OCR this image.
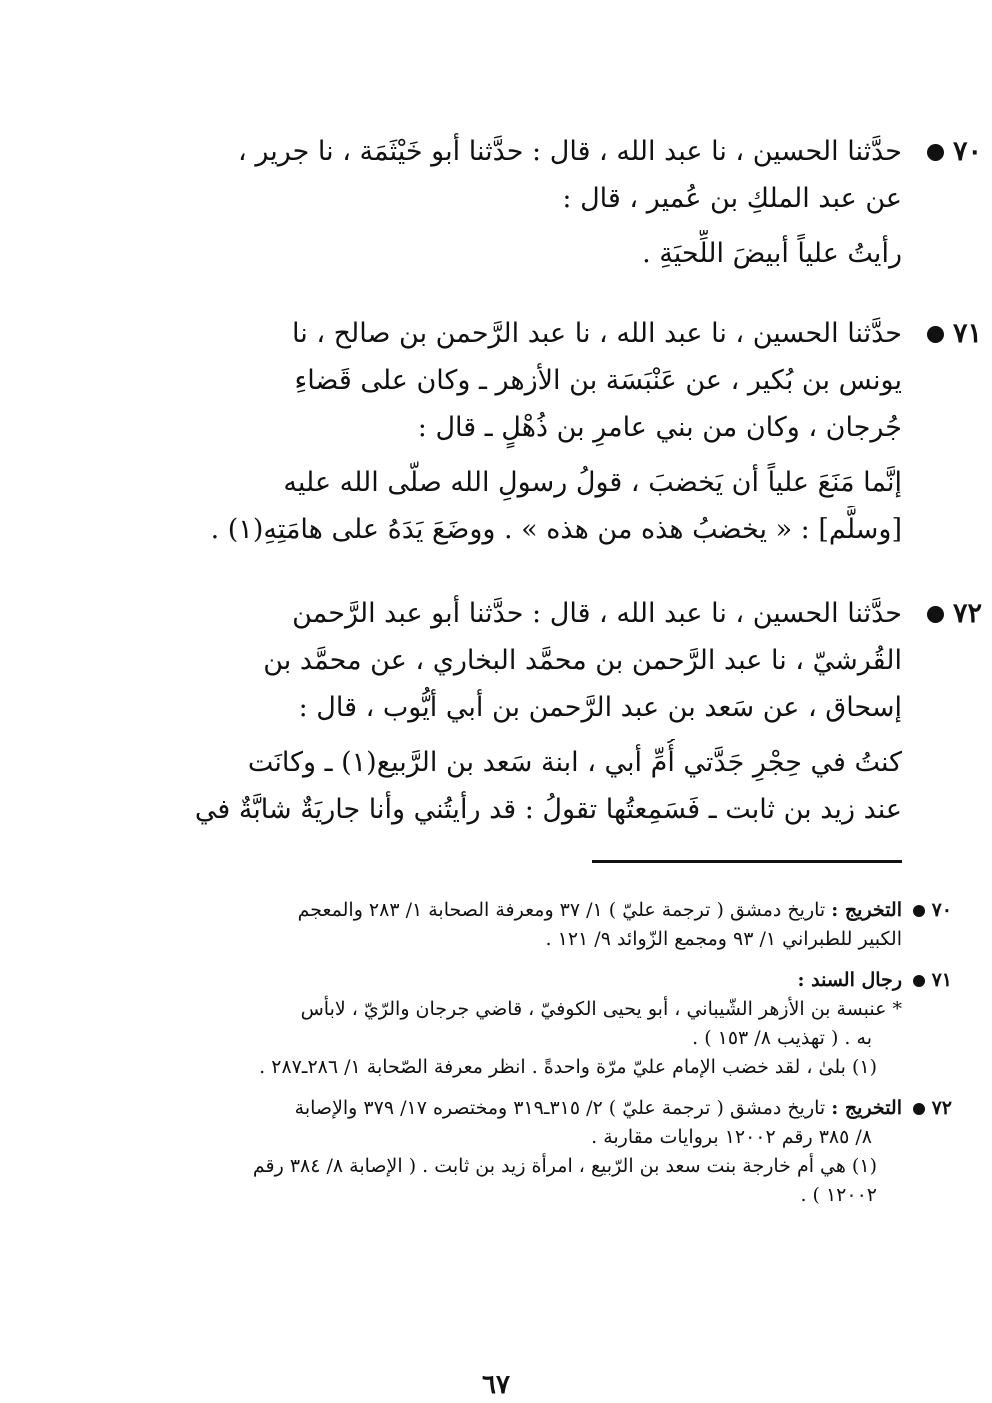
٧٠
حدَّثنا الحسين ، نا عبد الله ، قال : حدَّثنا أبو خَيْثَمَة ، نا جرير ،
عن عبد الملكِ بن عُمير ، قال :
رأيتُ علياً أبيضَ اللِّحيَةِ .
٧١
حدَّثنا الحسين ، نا عبد الله ، نا عبد الرَّحمن بن صالح ، نا
يونس بن بُكير ، عن عَنْبَسَة بن الأزهر ـ وكان على قَضاءِ
جُرجان ، وكان من بني عامرِ بن ذُهْلٍ ـ قال :
إنَّما مَنَعَ علياً أن يَخضبَ ، قولُ رسولِ الله صلّى الله عليه
[وسلَّم] : « يخضبُ هذه من هذه » . ووضَعَ يَدَهُ على هامَتِهِ(١) .
٧٢
حدَّثنا الحسين ، نا عبد الله ، قال : حدَّثنا أبو عبد الرَّحمن
القُرشيّ ، نا عبد الرَّحمن بن محمَّد البخاري ، عن محمَّد بن
إسحاق ، عن سَعد بن عبد الرَّحمن بن أبي أيُّوب ، قال :
كنتُ في حِجْرِ جَدَّتي أُمِّ أبي ، ابنة سَعد بن الرَّبيع(١) ـ وكانَت
عند زيد بن ثابت ـ فَسَمِعتُها تقولُ : قد رأيتُني وأنا جاريَةٌ شابَّةٌ في
٧٠
التخريج : تاريخ دمشق ( ترجمة عليّ ) ١/ ٣٧ ومعرفة الصحابة ١/ ٢٨٣ والمعجم
الكبير للطبراني ١/ ٩٣ ومجمع الزّوائد ٩/ ١٢١ .
٧١
رجال السند :
* عنبسة بن الأزهر الشّيباني ، أبو يحيى الكوفيّ ، قاضي جرجان والرّيّ ، لابأس
به . ( تهذيب ٨/ ١٥٣ ) .
(١) بلىٰ ، لقد خضب الإمام عليّ مرّة واحدةً . انظر معرفة الصّحابة ١/ ٢٨٦ـ٢٨٧ .
٧٢
التخريج : تاريخ دمشق ( ترجمة عليّ ) ٢/ ٣١٥ـ٣١٩ ومختصره ١٧/ ٣٧٩ والإصابة
٨/ ٣٨٥ رقم ١٢٠٠٢ بروايات مقاربة .
(١) هي أم خارجة بنت سعد بن الرّبيع ، امرأة زيد بن ثابت . ( الإصابة ٨/ ٣٨٤ رقم
١٢٠٠٢ ) .
٦٧
